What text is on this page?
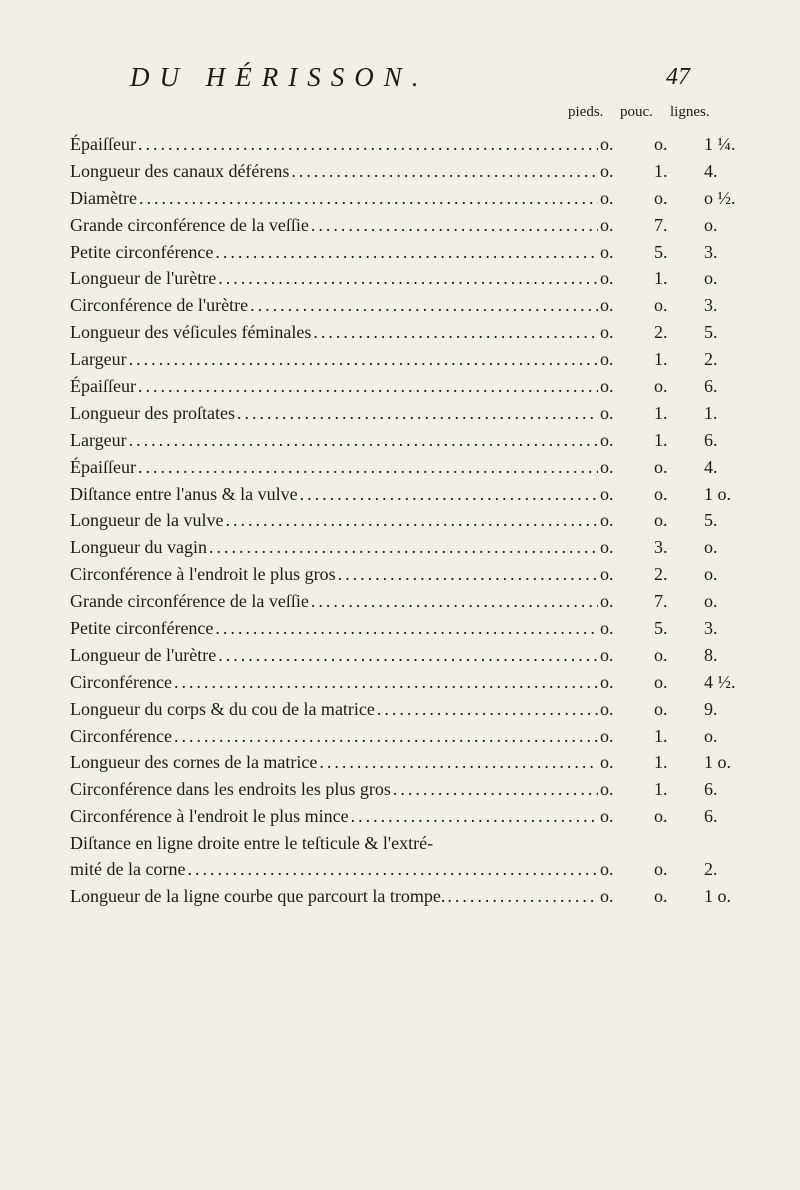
DU HÉRISSON.	47
pieds. pouc. lignes.
Épaiſſeur .....	o.	o.	1 ¼.
Longueur des canaux déférens .....	o.	1.	4.
Diamètre .....	o.	o.	o ½.
Grande circonférence de la veſſie .....	o.	7.	o.
Petite circonférence .....	o.	5.	3.
Longueur de l'urètre .....	o.	1.	o.
Circonférence de l'urètre .....	o.	o.	3.
Longueur des véſicules féminales .....	o.	2.	5.
Largeur .....	o.	1.	2.
Épaiſſeur .....	o.	o.	6.
Longueur des proſtates .....	o.	1.	1.
Largeur .....	o.	1.	6.
Épaiſſeur .....	o.	o.	4.
Diſtance entre l'anus & la vulve .....	o.	o.	1 o.
Longueur de la vulve .....	o.	o.	5.
Longueur du vagin .....	o.	3.	o.
Circonférence à l'endroit le plus gros .....	o.	2.	o.
Grande circonférence de la veſſie .....	o.	7.	o.
Petite circonférence .....	o.	5.	3.
Longueur de l'urètre .....	o.	o.	8.
Circonférence .....	o.	o.	4 ½.
Longueur du corps & du cou de la matrice .....	o.	o.	9.
Circonférence .....	o.	1.	o.
Longueur des cornes de la matrice .....	o.	1.	1 o.
Circonférence dans les endroits les plus gros .....	o.	1.	6.
Circonférence à l'endroit le plus mince .....	o.	o.	6.
Diſtance en ligne droite entre le teſticule & l'extré-
mité de la corne .....	o.	o.	2.
Longueur de la ligne courbe que parcourt la trompe. .....	o.	o.	1 o.
